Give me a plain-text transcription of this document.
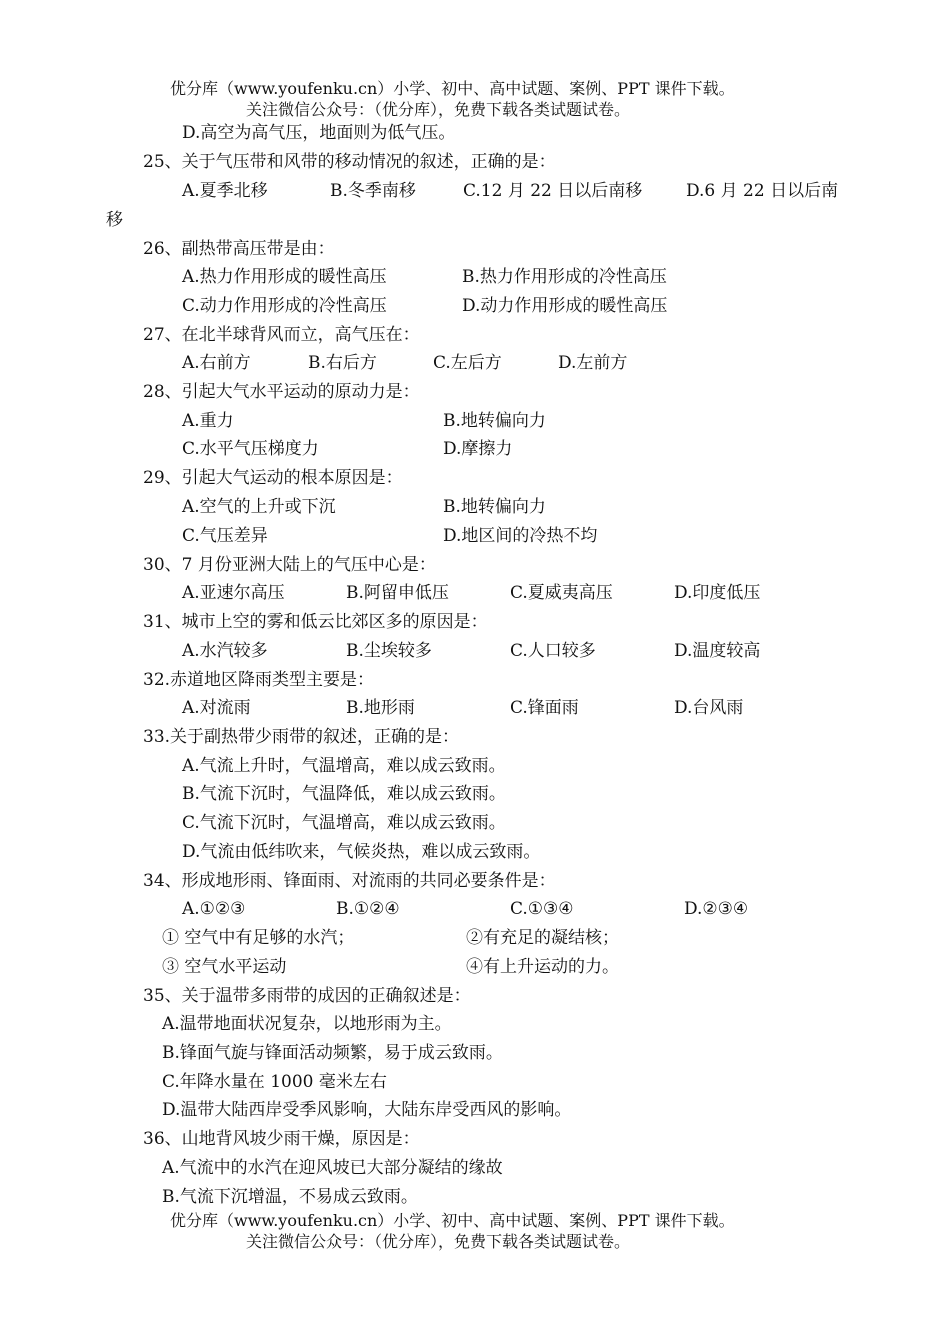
优分库（www.youfenku.cn）小学、初中、高中试题、案例、PPT 课件下载。
关注微信公众号：（优分库），免费下载各类试题试卷。
D.高空为高气压，地面则为低气压。
25、关于气压带和风带的移动情况的叙述，正确的是：
A.夏季北移	B.冬季南移	C.12 月 22 日以后南移	D.6 月 22 日以后南
移
26、副热带高压带是由：
A.热力作用形成的暖性高压	B.热力作用形成的冷性高压
C.动力作用形成的冷性高压	D.动力作用形成的暖性高压
27、在北半球背风而立，高气压在：
A.右前方	B.右后方	C.左后方	D.左前方
28、引起大气水平运动的原动力是：
A.重力	B.地转偏向力
C.水平气压梯度力	D.摩擦力
29、引起大气运动的根本原因是：
A.空气的上升或下沉	B.地转偏向力
C.气压差异	D.地区间的冷热不均
30、7 月份亚洲大陆上的气压中心是：
A.亚速尔高压	B.阿留申低压	C.夏威夷高压	D.印度低压
31、城市上空的雾和低云比郊区多的原因是：
A.水汽较多	B.尘埃较多	C.人口较多	D.温度较高
32.赤道地区降雨类型主要是：
A.对流雨	B.地形雨	C.锋面雨	D.台风雨
33.关于副热带少雨带的叙述，正确的是：
A.气流上升时，气温增高，难以成云致雨。
B.气流下沉时，气温降低，难以成云致雨。
C.气流下沉时，气温增高，难以成云致雨。
D.气流由低纬吹来，气候炎热，难以成云致雨。
34、形成地形雨、锋面雨、对流雨的共同必要条件是：
A.①②③	B.①②④	C.①③④	D.②③④
① 空气中有足够的水汽；	②有充足的凝结核；
③ 空气水平运动	④有上升运动的力。
35、关于温带多雨带的成因的正确叙述是：
A.温带地面状况复杂，以地形雨为主。
B.锋面气旋与锋面活动频繁，易于成云致雨。
C.年降水量在 1000 毫米左右
D.温带大陆西岸受季风影响，大陆东岸受西风的影响。
36、山地背风坡少雨干燥，原因是：
A.气流中的水汽在迎风坡已大部分凝结的缘故
B.气流下沉增温，不易成云致雨。
优分库（www.youfenku.cn）小学、初中、高中试题、案例、PPT 课件下载。
关注微信公众号：（优分库），免费下载各类试题试卷。
